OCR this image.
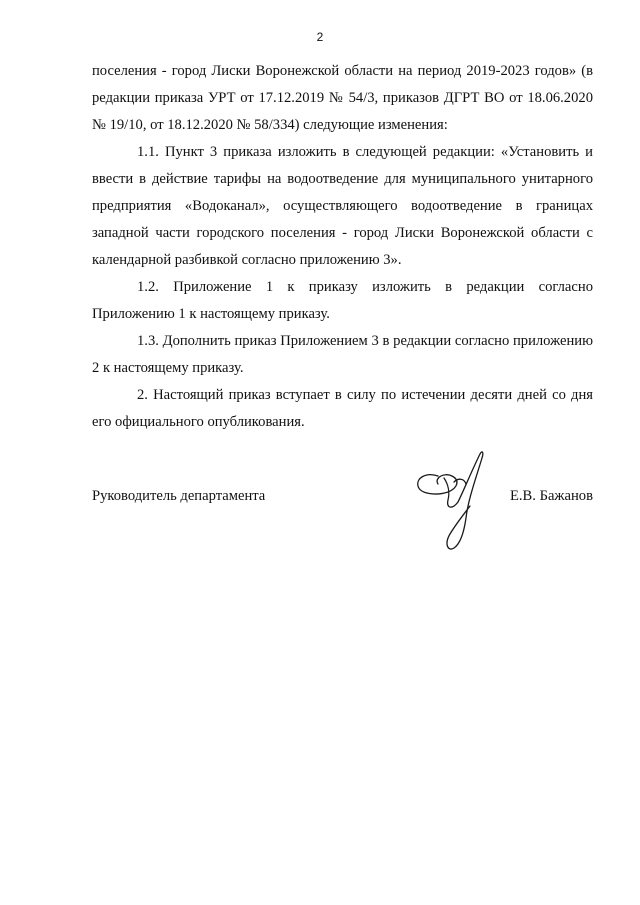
2

поселения - город Лиски Воронежской области на период 2019-2023 годов» (в редакции приказа УРТ от 17.12.2019 № 54/3, приказов ДГРТ ВО от 18.06.2020 № 19/10, от 18.12.2020 № 58/334) следующие изменения:

1.1. Пункт 3 приказа изложить в следующей редакции: «Установить и ввести в действие тарифы на водоотведение для муниципального унитарного предприятия «Водоканал», осуществляющего водоотведение в границах западной части городского поселения - город Лиски Воронежской области с календарной разбивкой согласно приложению 3».

1.2. Приложение 1 к приказу изложить в редакции согласно Приложению 1 к настоящему приказу.

1.3. Дополнить приказ Приложением 3 в редакции согласно приложению 2 к настоящему приказу.

2. Настоящий приказ вступает в силу по истечении десяти дней со дня его официального опубликования.

Руководитель департамента	Е.В. Бажанов
